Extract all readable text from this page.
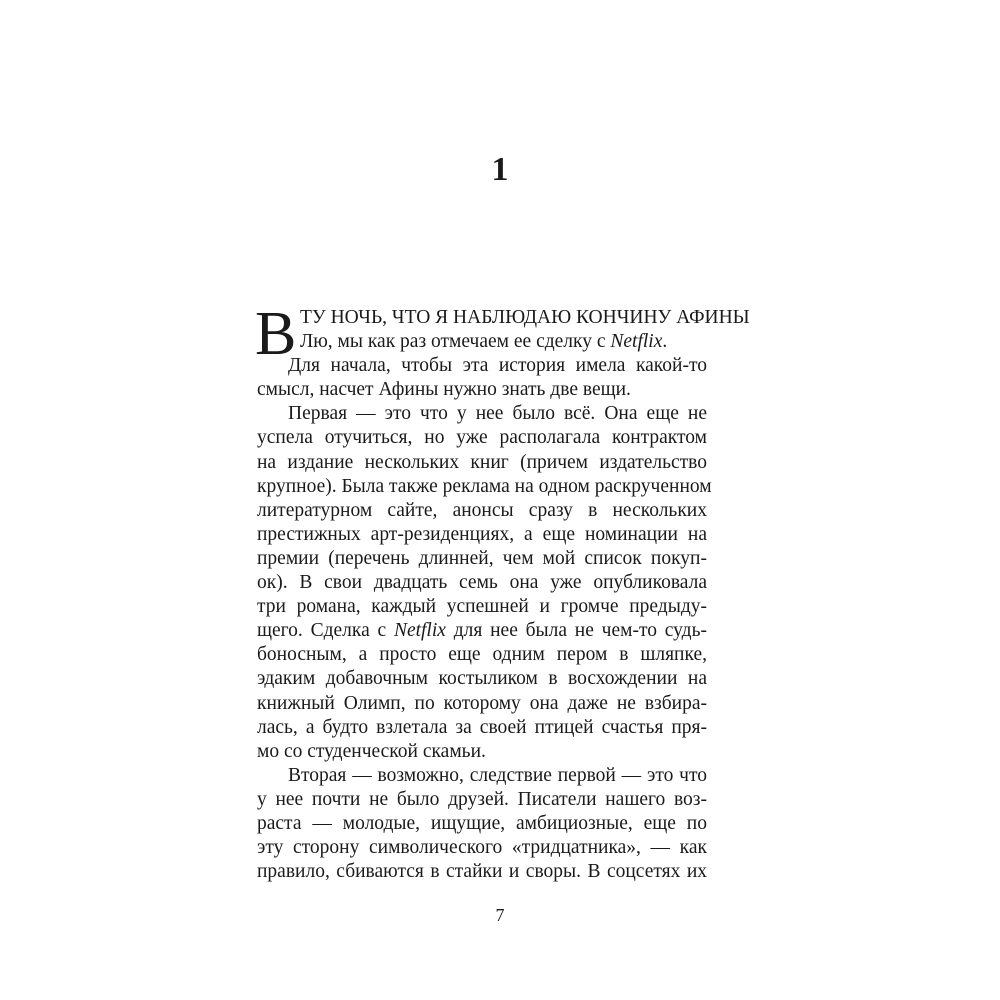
1
В ТУ НОЧЬ, ЧТО Я НАБЛЮДАЮ КОНЧИНУ АФИНЫ
Лю, мы как раз отмечаем ее сделку с Netflix.
Для начала, чтобы эта история имела какой-то
смысл, насчет Афины нужно знать две вещи.
Первая — это что у нее было всё. Она еще не
успела отучиться, но уже располагала контрактом
на издание нескольких книг (причем издательство
крупное). Была также реклама на одном раскрученном
литературном сайте, анонсы сразу в нескольких
престижных арт-резиденциях, а еще номинации на
премии (перечень длинней, чем мой список покуп-
ок). В свои двадцать семь она уже опубликовала
три романа, каждый успешней и громче предыду-
щего. Сделка с Netflix для нее была не чем-то судь-
боносным, а просто еще одним пером в шляпке,
эдаким добавочным костыликом в восхождении на
книжный Олимп, по которому она даже не взбира-
лась, а будто взлетала за своей птицей счастья пря-
мо со студенческой скамьи.
Вторая — возможно, следствие первой — это что
у нее почти не было друзей. Писатели нашего воз-
раста — молодые, ищущие, амбициозные, еще по
эту сторону символического «тридцатника», — как
правило, сбиваются в стайки и своры. В соцсетях их
7
